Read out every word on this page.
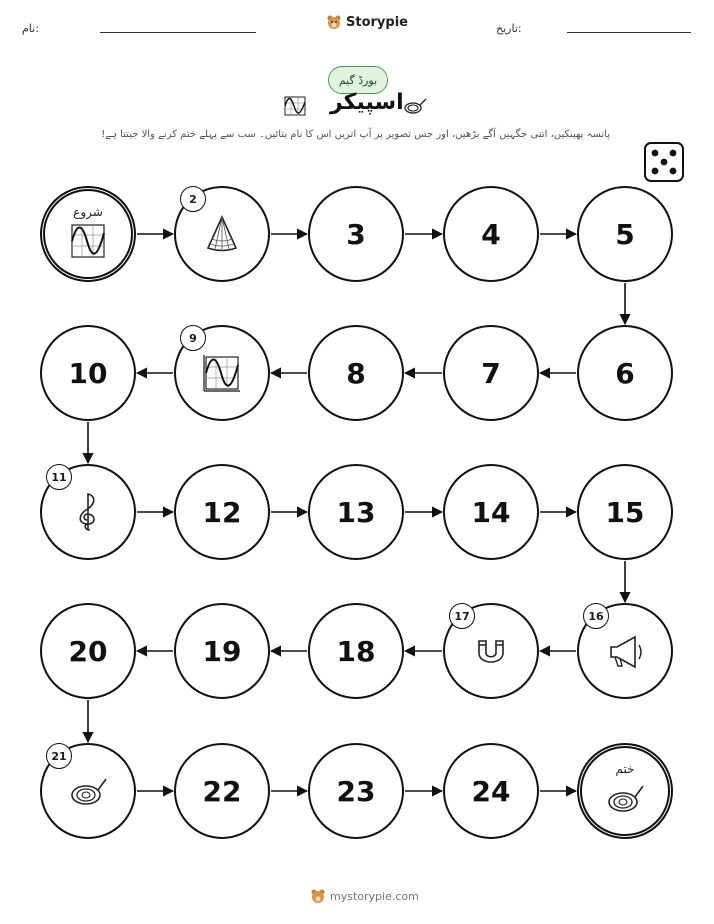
نام:	Storypie	تاریخ:
بورڈ گیم
اسپیکر
پانسہ پھینکیں، اتنی جگہیں آگے بڑھیں، اور جس تصویر پر آپ اتریں اس کا نام بتائیں۔ سب سے پہلے ختم کرنے والا جیتتا ہے!
شروع
ختم
2
3	4	5
6
7
8
9
10
11
12	13	14	15
16
17
18
19
20
21
22	23	24
mystorypie.com
